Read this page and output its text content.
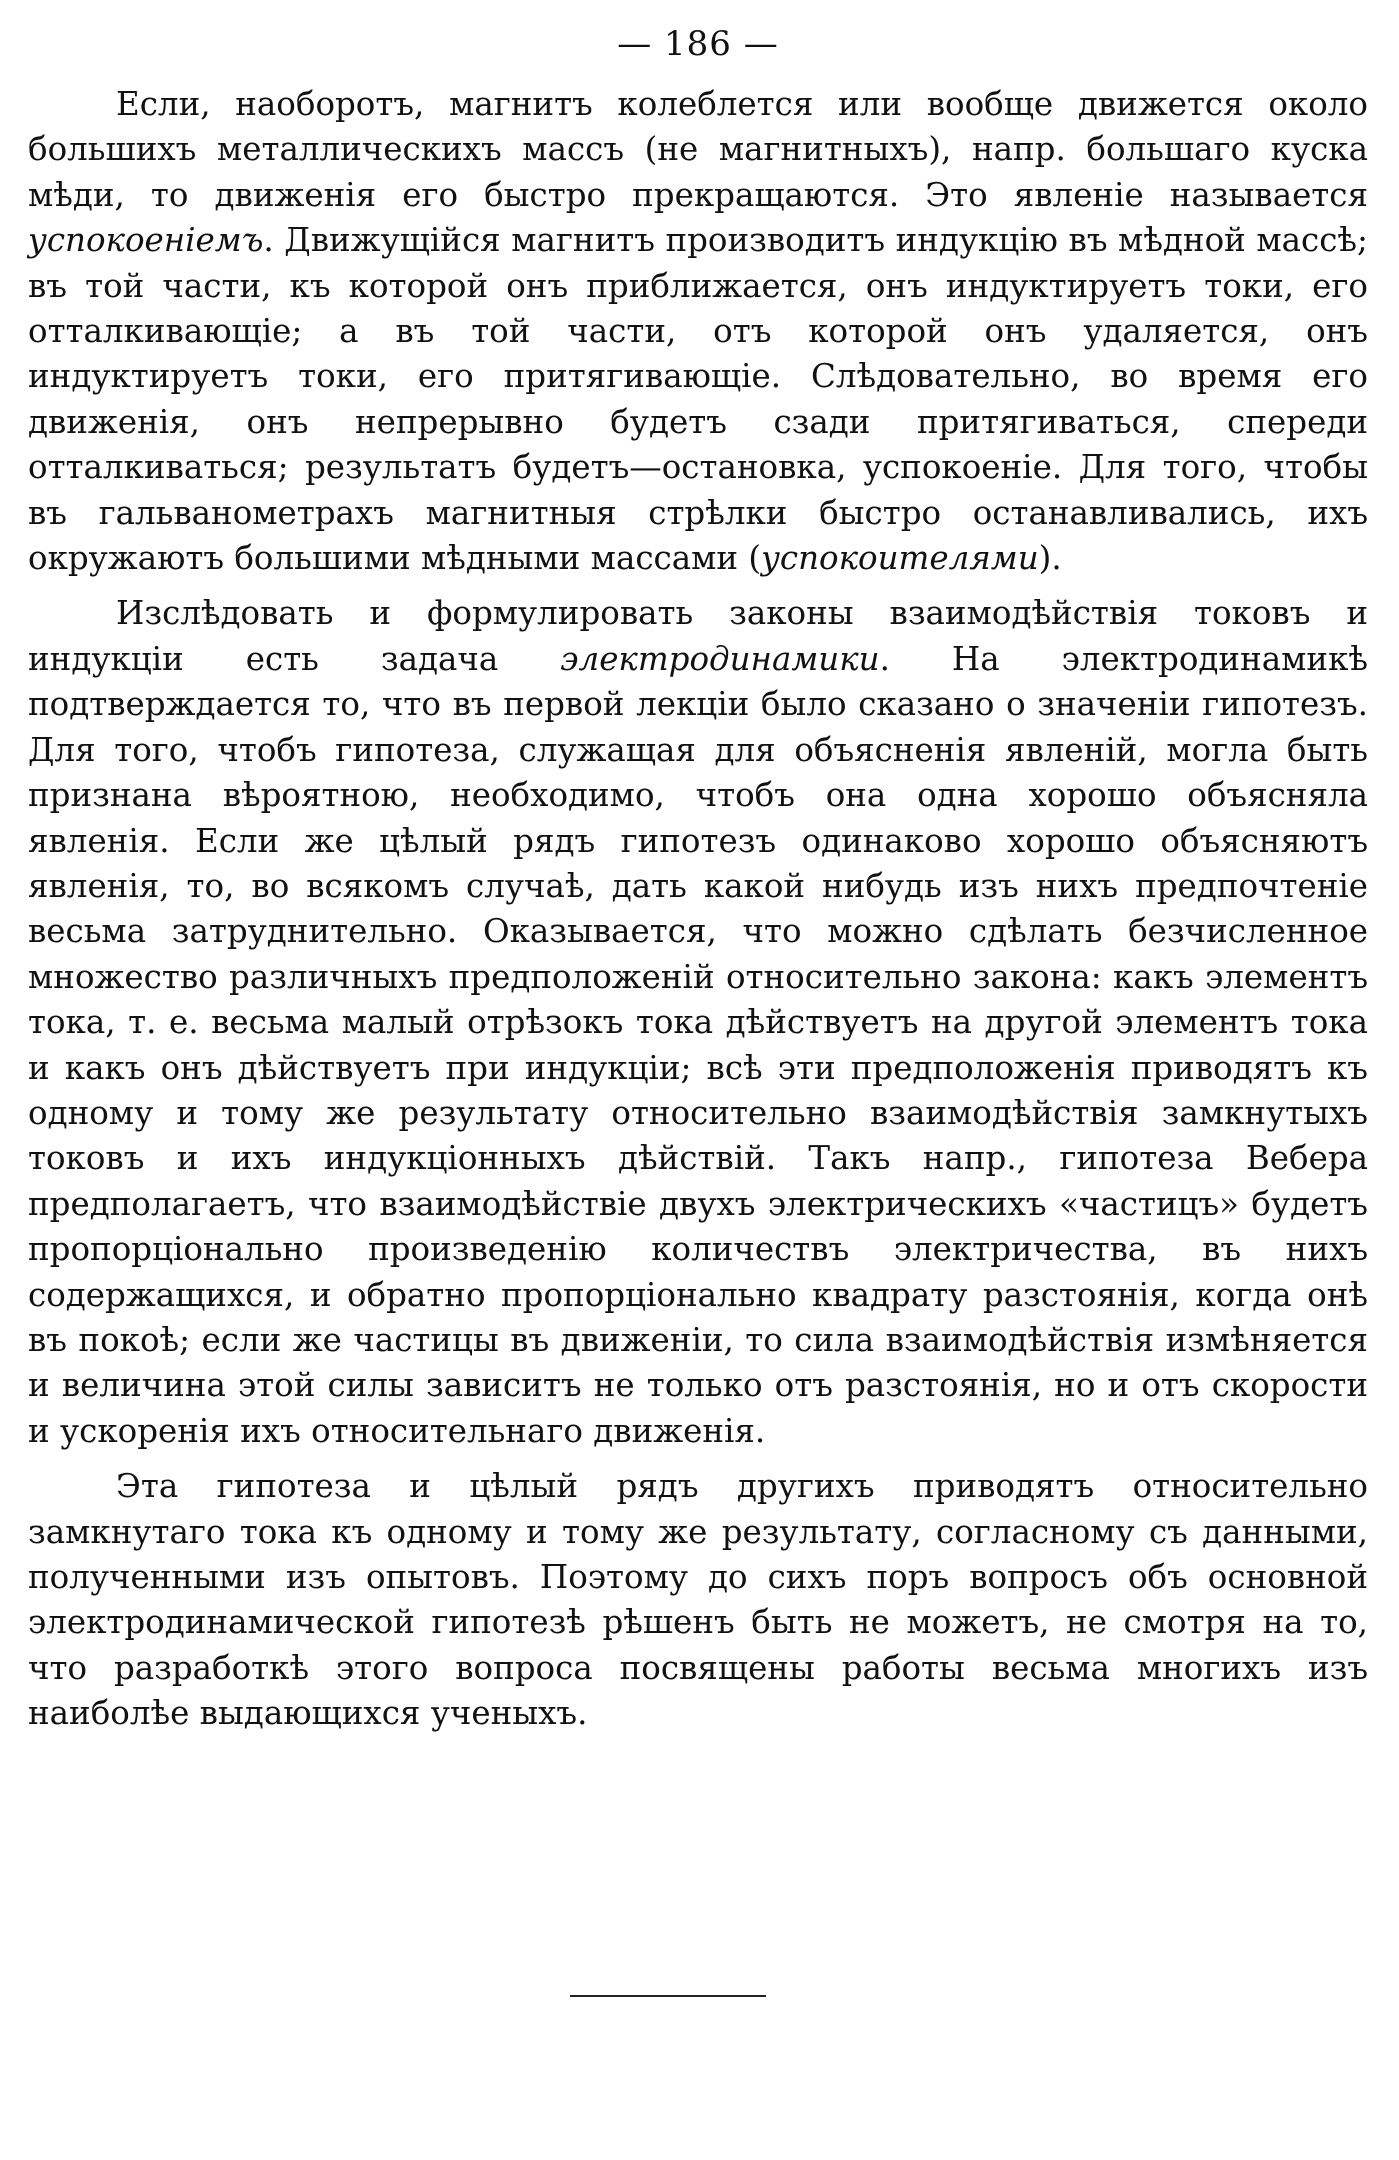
— 186 —

Если, наоборотъ, магнитъ колеблется или вообще движется около большихъ металлическихъ массъ (не магнитныхъ), напр. большаго куска мѣди, то движенія его быстро прекращаются. Это явленіе называется успокоеніемъ. Движущійся магнитъ производитъ индукцію въ мѣдной массѣ; въ той части, къ которой онъ приближается, онъ индуктируетъ токи, его отталкивающіе; а въ той части, отъ которой онъ удаляется, онъ индуктируетъ токи, его притягивающіе. Слѣдовательно, во время его движенія, онъ непрерывно будетъ сзади притягиваться, спереди отталкиваться; результатъ будетъ—остановка, успокоеніе. Для того, чтобы въ гальванометрахъ магнитныя стрѣлки быстро останавливались, ихъ окружаютъ большими мѣдными массами (успокоителями).

Изслѣдовать и формулировать законы взаимодѣйствія токовъ и индукціи есть задача электродинамики. На электродинамикѣ подтверждается то, что въ первой лекціи было сказано о значеніи гипотезъ. Для того, чтобъ гипотеза, служащая для объясненія явленій, могла быть признана вѣроятною, необходимо, чтобъ она одна хорошо объясняла явленія. Если же цѣлый рядъ гипотезъ одинаково хорошо объясняютъ явленія, то, во всякомъ случаѣ, дать какой нибудь изъ нихъ предпочтеніе весьма затруднительно. Оказывается, что можно сдѣлать безчисленное множество различныхъ предположеній относительно закона: какъ элементъ тока, т. е. весьма малый отрѣзокъ тока дѣйствуетъ на другой элементъ тока и какъ онъ дѣйствуетъ при индукціи; всѣ эти предположенія приводятъ къ одному и тому же результату относительно взаимодѣйствія замкнутыхъ токовъ и ихъ индукціонныхъ дѣйствій. Такъ напр., гипотеза Вебера предполагаетъ, что взаимодѣйствіе двухъ электрическихъ «частицъ» будетъ пропорціонально произведенію количествъ электричества, въ нихъ содержащихся, и обратно пропорціонально квадрату разстоянія, когда онѣ въ покоѣ; если же частицы въ движеніи, то сила взаимодѣйствія измѣняется и величина этой силы зависитъ не только отъ разстоянія, но и отъ скорости и ускоренія ихъ относительнаго движенія.

Эта гипотеза и цѣлый рядъ другихъ приводятъ относительно замкнутаго тока къ одному и тому же результату, согласному съ данными, полученными изъ опытовъ. Поэтому до сихъ поръ вопросъ объ основной электродинамической гипотезѣ рѣшенъ быть не можетъ, не смотря на то, что разработкѣ этого вопроса посвящены работы весьма многихъ изъ наиболѣе выдающихся ученыхъ.
